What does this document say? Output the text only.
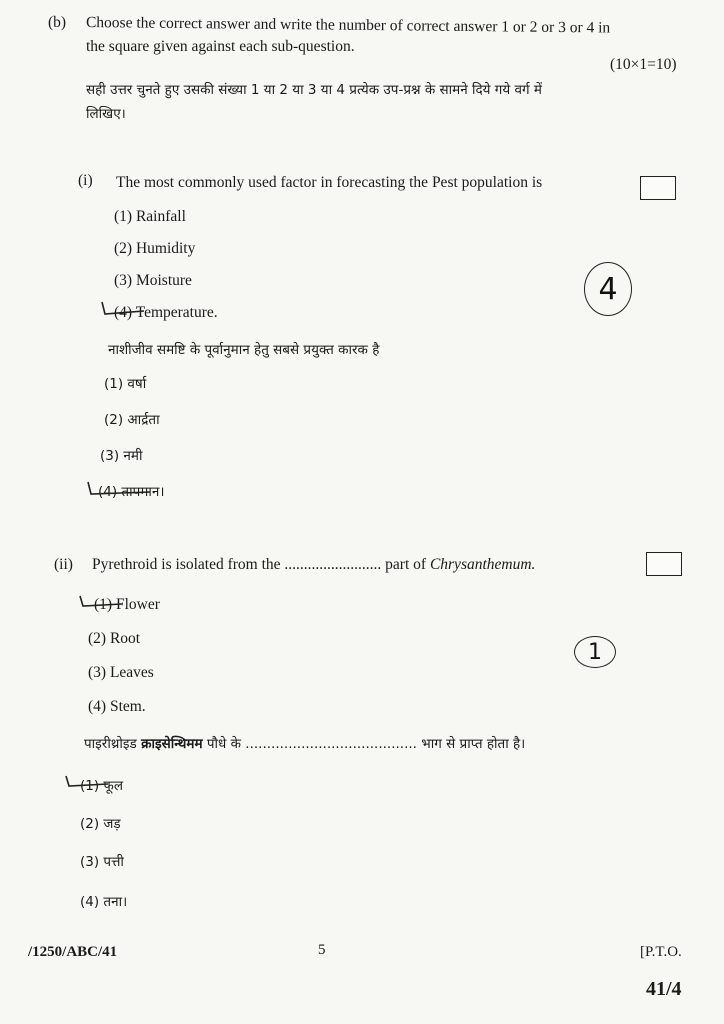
(b) Choose the correct answer and write the number of correct answer 1 or 2 or 3 or 4 in
the square given against each sub-question.
(10×1=10)
सही उत्तर चुनते हुए उसकी संख्या 1 या 2 या 3 या 4 प्रत्येक उप-प्रश्न के सामने दिये गये वर्ग में
लिखिए।
(i) The most commonly used factor in forecasting the Pest population is
(1) Rainfall
(2) Humidity
(3) Moisture
(4) Temperature.
नाशीजीव समष्टि के पूर्वानुमान हेतु सबसे प्रयुक्त कारक है
(1) वर्षा
(2) आर्द्रता
(3) नमी
(4) तापमान।
4
(ii) Pyrethroid is isolated from the ......................... part of Chrysanthemum.
(1) Flower
(2) Root
(3) Leaves
(4) Stem.
1
पाइरीथ्रोइड क्राइसेन्थिमम पौधे के ........................................ भाग से प्राप्त होता है।
(1) फूल
(2) जड़
(3) पत्ती
(4) तना।
/1250/ABC/41	5	[P.T.O.
41/4
